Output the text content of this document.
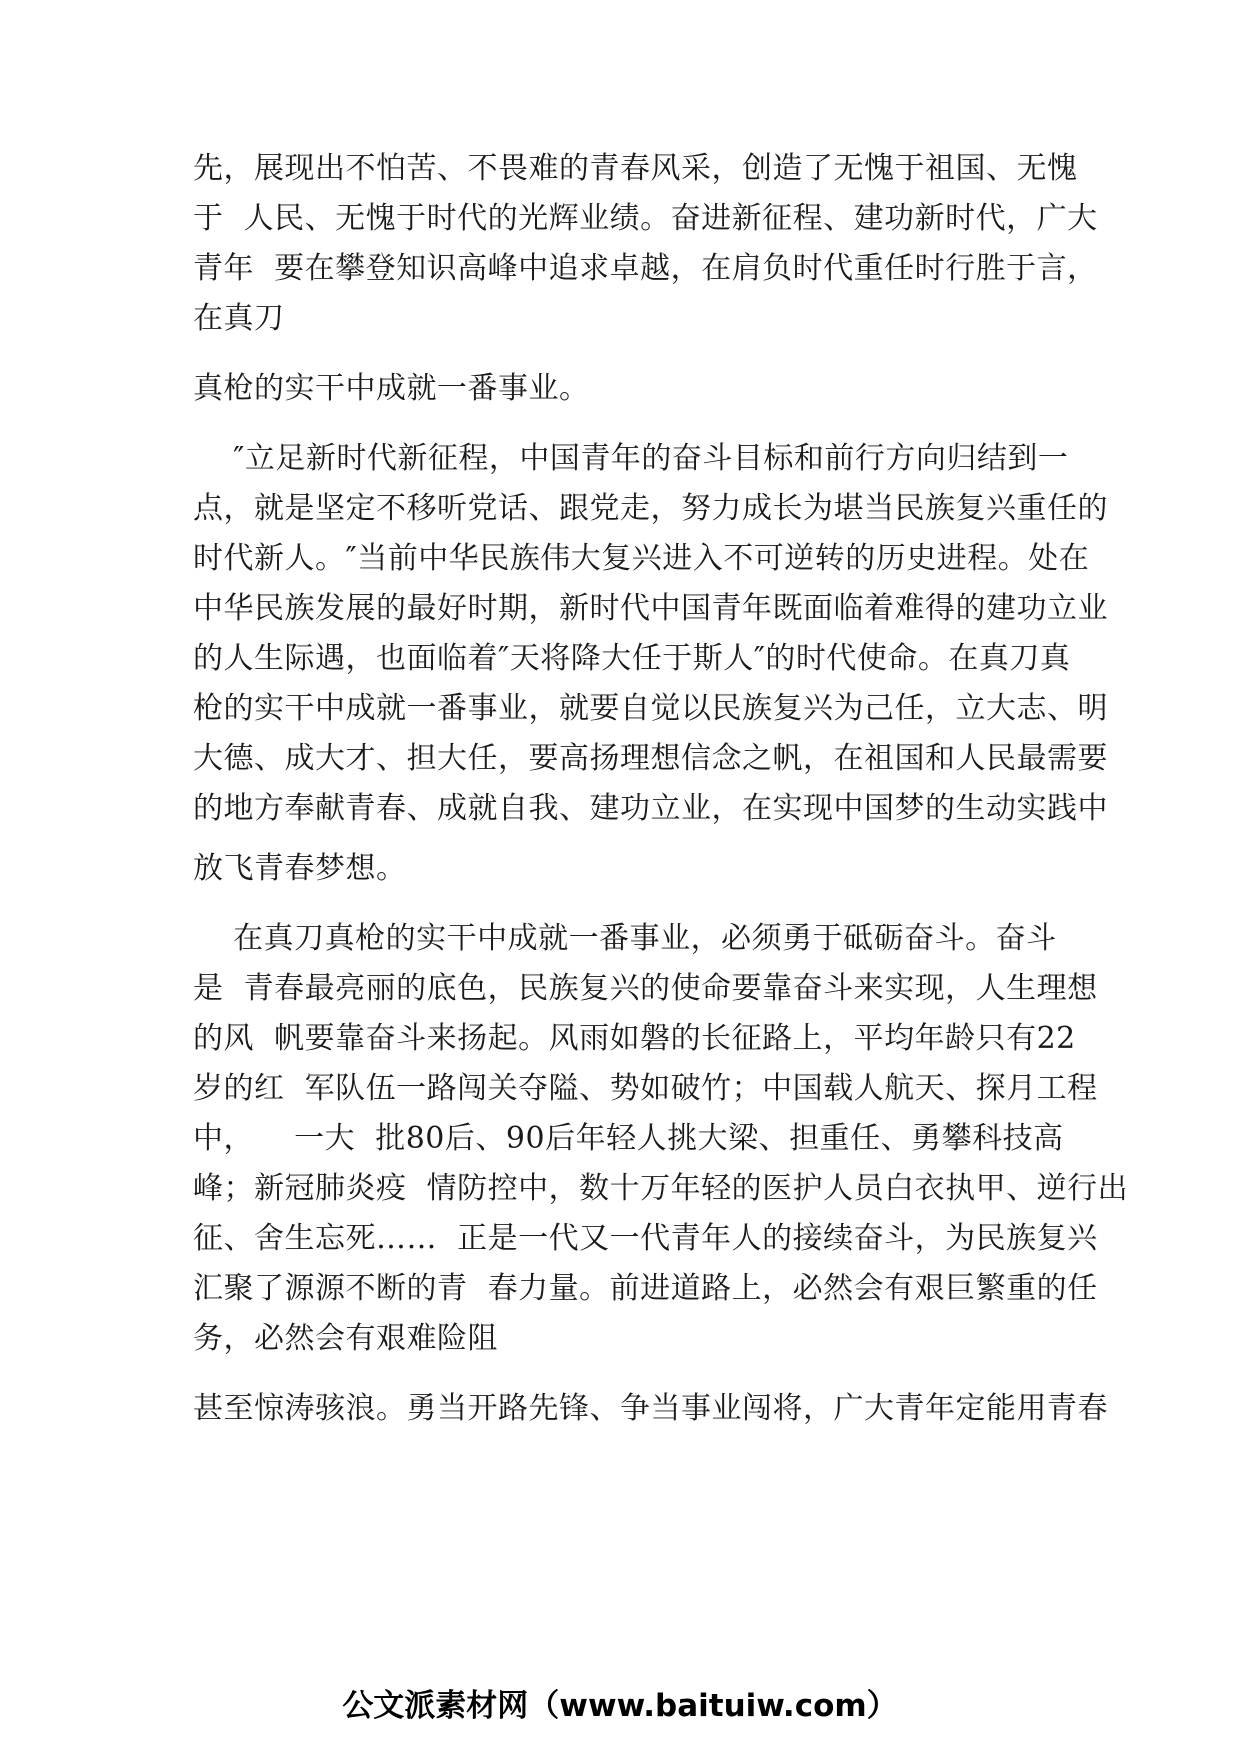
先，展现出不怕苦、不畏难的青春风采，创造了无愧于祖国、无愧
于  人民、无愧于时代的光辉业绩。奋进新征程、建功新时代，广大
青年  要在攀登知识高峰中追求卓越，在肩负时代重任时行胜于言，
在真刀
真枪的实干中成就一番事业。
″立足新时代新征程，中国青年的奋斗目标和前行方向归结到一
点，就是坚定不移听党话、跟党走，努力成长为堪当民族复兴重任的
时代新人。″当前中华民族伟大复兴进入不可逆转的历史进程。处在
中华民族发展的最好时期，新时代中国青年既面临着难得的建功立业
的人生际遇，也面临着″天将降大任于斯人″的时代使命。在真刀真
枪的实干中成就一番事业，就要自觉以民族复兴为己任，立大志、明
大德、成大才、担大任，要高扬理想信念之帆，在祖国和人民最需要
的地方奉献青春、成就自我、建功立业，在实现中国梦的生动实践中
放飞青春梦想。
在真刀真枪的实干中成就一番事业，必须勇于砥砺奋斗。奋斗
是  青春最亮丽的底色，民族复兴的使命要靠奋斗来实现，人生理想
的风  帆要靠奋斗来扬起。风雨如磐的长征路上，平均年龄只有22
岁的红  军队伍一路闯关夺隘、势如破竹；中国载人航天、探月工程
中，    一大  批80后、90后年轻人挑大梁、担重任、勇攀科技高
峰；新冠肺炎疫  情防控中，数十万年轻的医护人员白衣执甲、逆行出
征、舍生忘死……  正是一代又一代青年人的接续奋斗，为民族复兴
汇聚了源源不断的青  春力量。前进道路上，必然会有艰巨繁重的任
务，必然会有艰难险阻
甚至惊涛骇浪。勇当开路先锋、争当事业闯将，广大青年定能用青春
公文派素材网（www.baituiw.com）
